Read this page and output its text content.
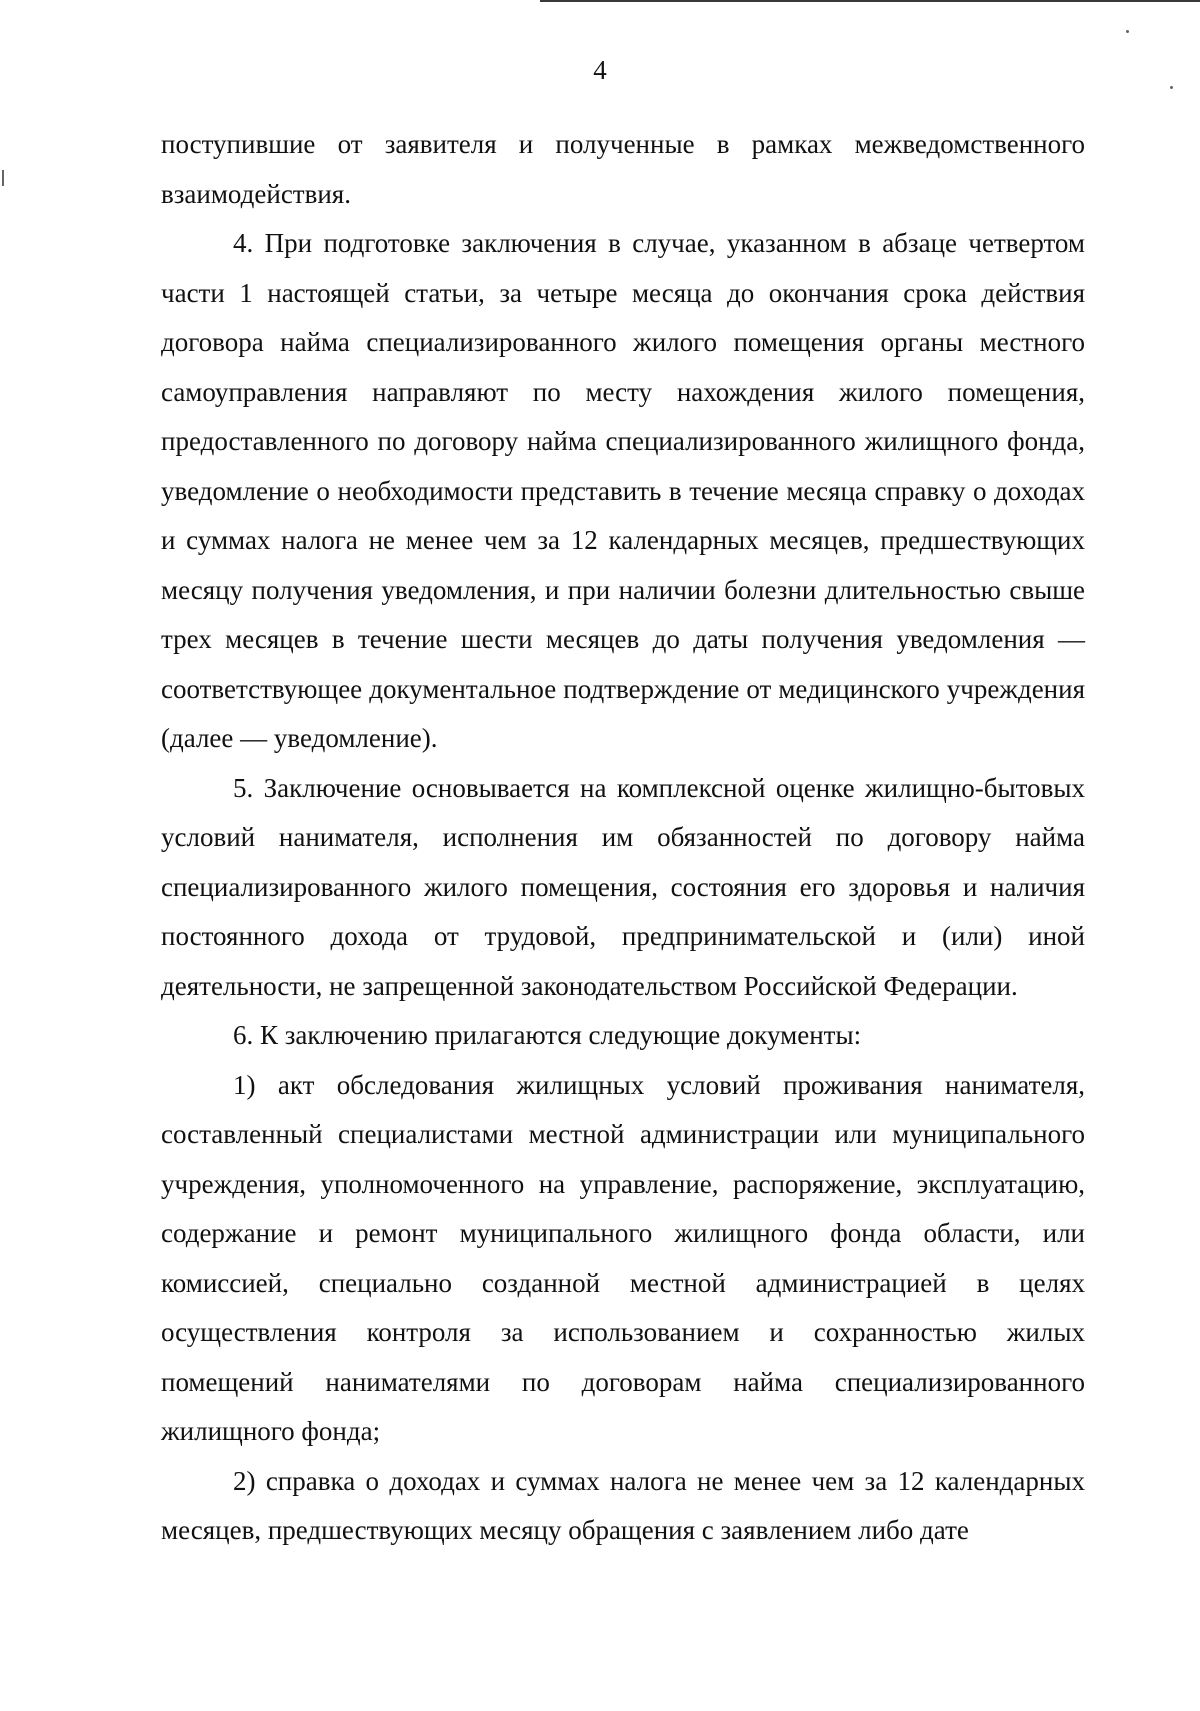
4

поступившие от заявителя и полученные в рамках межведомственного взаимодействия.

4. При подготовке заключения в случае, указанном в абзаце четвертом части 1 настоящей статьи, за четыре месяца до окончания срока действия договора найма специализированного жилого помещения органы местного самоуправления направляют по месту нахождения жилого помещения, предоставленного по договору найма специализированного жилищного фонда, уведомление о необходимости представить в течение месяца справку о доходах и суммах налога не менее чем за 12 календарных месяцев, предшествующих месяцу получения уведомления, и при наличии болезни длительностью свыше трех месяцев в течение шести месяцев до даты получения уведомления — соответствующее документальное подтверждение от медицинского учреждения (далее — уведомление).

5. Заключение основывается на комплексной оценке жилищно-бытовых условий нанимателя, исполнения им обязанностей по договору найма специализированного жилого помещения, состояния его здоровья и наличия постоянного дохода от трудовой, предпринимательской и (или) иной деятельности, не запрещенной законодательством Российской Федерации.

6. К заключению прилагаются следующие документы:

1) акт обследования жилищных условий проживания нанимателя, составленный специалистами местной администрации или муниципального учреждения, уполномоченного на управление, распоряжение, эксплуатацию, содержание и ремонт муниципального жилищного фонда области, или комиссией, специально созданной местной администрацией в целях осуществления контроля за использованием и сохранностью жилых помещений нанимателями по договорам найма специализированного жилищного фонда;

2) справка о доходах и суммах налога не менее чем за 12 календарных месяцев, предшествующих месяцу обращения с заявлением либо дате
